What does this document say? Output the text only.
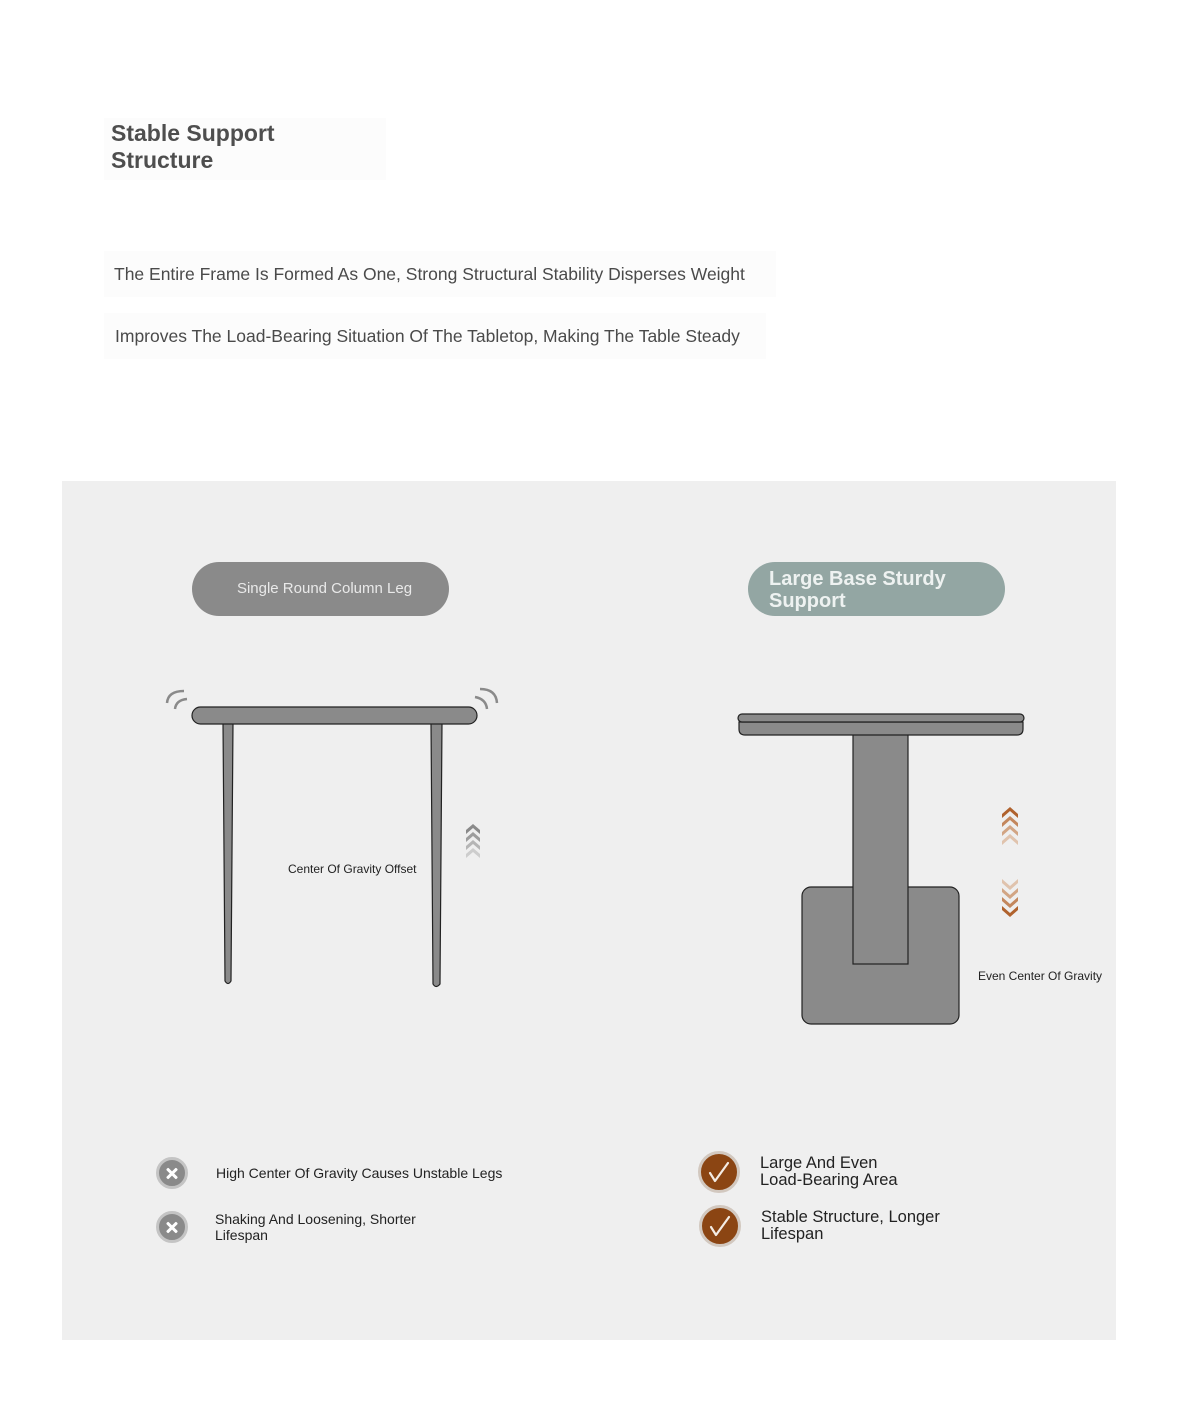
Stable Support
Structure
The Entire Frame Is Formed As One, Strong Structural Stability Disperses Weight
Improves The Load-Bearing Situation Of The Tabletop, Making The Table Steady
Single Round Column Leg	Large Base Sturdy
Support
Center Of Gravity Offset
Even Center Of Gravity
High Center Of Gravity Causes Unstable Legs
Shaking And Loosening, Shorter
Lifespan
Large And Even
Load-Bearing Area
Stable Structure, Longer
Lifespan
